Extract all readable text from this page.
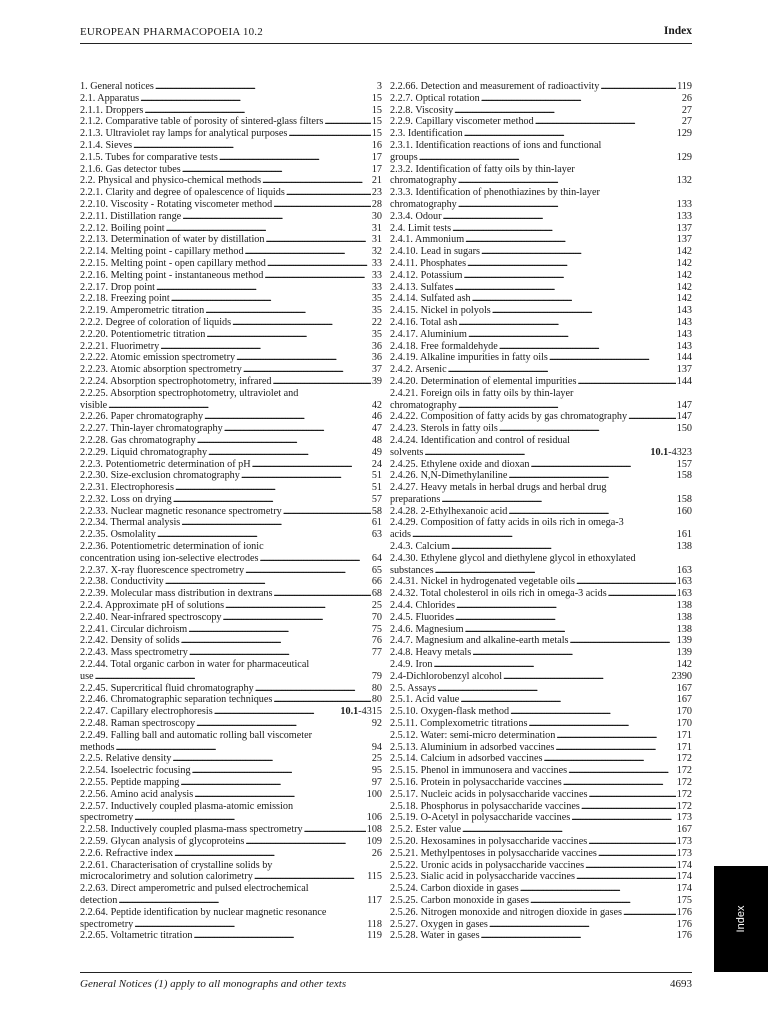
EUROPEAN PHARMACOPOEIA 10.2	Index
1. General notices . . .	3
2.1. Apparatus . . .	15
2.1.1. Droppers . . .	15
2.1.2. Comparative table of porosity of sintered-glass filters . . .	15
2.1.3. Ultraviolet ray lamps for analytical purposes . . .	15
2.1.4. Sieves . . .	16
2.1.5. Tubes for comparative tests . . .	17
2.1.6. Gas detector tubes . . .	17
2.2. Physical and physico-chemical methods . . .	21
2.2.1. Clarity and degree of opalescence of liquids . . .	23
2.2.10. Viscosity - Rotating viscometer method . . .	28
2.2.11. Distillation range . . .	30
2.2.12. Boiling point . . .	31
2.2.13. Determination of water by distillation . . .	31
2.2.14. Melting point - capillary method . . .	32
2.2.15. Melting point - open capillary method . . .	33
2.2.16. Melting point - instantaneous method . . .	33
2.2.17. Drop point . . .	33
2.2.18. Freezing point . . .	35
2.2.19. Amperometric titration . . .	35
2.2.2. Degree of coloration of liquids . . .	22
2.2.20. Potentiometric titration . . .	35
2.2.21. Fluorimetry . . .	36
2.2.22. Atomic emission spectrometry . . .	36
2.2.23. Atomic absorption spectrometry . . .	37
2.2.24. Absorption spectrophotometry, infrared . . .	39
2.2.25. Absorption spectrophotometry, ultraviolet and
visible . . .	42
2.2.26. Paper chromatography . . .	46
2.2.27. Thin-layer chromatography . . .	47
2.2.28. Gas chromatography . . .	48
2.2.29. Liquid chromatography . . .	49
2.2.3. Potentiometric determination of pH . . .	24
2.2.30. Size-exclusion chromatography . . .	51
2.2.31. Electrophoresis . . .	51
2.2.32. Loss on drying . . .	57
2.2.33. Nuclear magnetic resonance spectrometry . . .	58
2.2.34. Thermal analysis . . .	61
2.2.35. Osmolality . . .	63
2.2.36. Potentiometric determination of ionic
concentration using ion-selective electrodes . . .	64
2.2.37. X-ray fluorescence spectrometry . . .	65
2.2.38. Conductivity . . .	66
2.2.39. Molecular mass distribution in dextrans . . .	68
2.2.4. Approximate pH of solutions . . .	25
2.2.40. Near-infrared spectroscopy . . .	70
2.2.41. Circular dichroism . . .	75
2.2.42. Density of solids . . .	76
2.2.43. Mass spectrometry . . .	77
2.2.44. Total organic carbon in water for pharmaceutical
use . . .	79
2.2.45. Supercritical fluid chromatography . . .	80
2.2.46. Chromatographic separation techniques . . .	80
2.2.47. Capillary electrophoresis . . .	10.1-4315
2.2.48. Raman spectroscopy . . .	92
2.2.49. Falling ball and automatic rolling ball viscometer
methods . . .	94
2.2.5. Relative density . . .	25
2.2.54. Isoelectric focusing . . .	95
2.2.55. Peptide mapping . . .	97
2.2.56. Amino acid analysis . . .	100
2.2.57. Inductively coupled plasma-atomic emission
spectrometry . . .	106
2.2.58. Inductively coupled plasma-mass spectrometry . . .	108
2.2.59. Glycan analysis of glycoproteins . . .	109
2.2.6. Refractive index . . .	26
2.2.61. Characterisation of crystalline solids by
microcalorimetry and solution calorimetry . . .	115
2.2.63. Direct amperometric and pulsed electrochemical
detection . . .	117
2.2.64. Peptide identification by nuclear magnetic resonance
spectrometry . . .	118
2.2.65. Voltametric titration . . .	119
2.2.66. Detection and measurement of radioactivity . . .	119
2.2.7. Optical rotation . . .	26
2.2.8. Viscosity . . .	27
2.2.9. Capillary viscometer method . . .	27
2.3. Identification . . .	129
2.3.1. Identification reactions of ions and functional
groups . . .	129
2.3.2. Identification of fatty oils by thin-layer
chromatography . . .	132
2.3.3. Identification of phenothiazines by thin-layer
chromatography . . .	133
2.3.4. Odour . . .	133
2.4. Limit tests . . .	137
2.4.1. Ammonium . . .	137
2.4.10. Lead in sugars . . .	142
2.4.11. Phosphates . . .	142
2.4.12. Potassium . . .	142
2.4.13. Sulfates . . .	142
2.4.14. Sulfated ash . . .	142
2.4.15. Nickel in polyols . . .	143
2.4.16. Total ash . . .	143
2.4.17. Aluminium . . .	143
2.4.18. Free formaldehyde . . .	143
2.4.19. Alkaline impurities in fatty oils . . .	144
2.4.2. Arsenic . . .	137
2.4.20. Determination of elemental impurities . . .	144
2.4.21. Foreign oils in fatty oils by thin-layer
chromatography . . .	147
2.4.22. Composition of fatty acids by gas chromatography . . .	147
2.4.23. Sterols in fatty oils . . .	150
2.4.24. Identification and control of residual
solvents . . .	10.1-4323
2.4.25. Ethylene oxide and dioxan . . .	157
2.4.26. N,N-Dimethylaniline . . .	158
2.4.27. Heavy metals in herbal drugs and herbal drug
preparations . . .	158
2.4.28. 2-Ethylhexanoic acid . . .	160
2.4.29. Composition of fatty acids in oils rich in omega-3
acids . . .	161
2.4.3. Calcium . . .	138
2.4.30. Ethylene glycol and diethylene glycol in ethoxylated
substances . . .	163
2.4.31. Nickel in hydrogenated vegetable oils . . .	163
2.4.32. Total cholesterol in oils rich in omega-3 acids . . .	163
2.4.4. Chlorides . . .	138
2.4.5. Fluorides . . .	138
2.4.6. Magnesium . . .	138
2.4.7. Magnesium and alkaline-earth metals . . .	139
2.4.8. Heavy metals . . .	139
2.4.9. Iron . . .	142
2.4-Dichlorobenzyl alcohol . . .	2390
2.5. Assays . . .	167
2.5.1. Acid value . . .	167
2.5.10. Oxygen-flask method . . .	170
2.5.11. Complexometric titrations . . .	170
2.5.12. Water: semi-micro determination . . .	171
2.5.13. Aluminium in adsorbed vaccines . . .	171
2.5.14. Calcium in adsorbed vaccines . . .	172
2.5.15. Phenol in immunosera and vaccines . . .	172
2.5.16. Protein in polysaccharide vaccines . . .	172
2.5.17. Nucleic acids in polysaccharide vaccines . . .	172
2.5.18. Phosphorus in polysaccharide vaccines . . .	172
2.5.19. O-Acetyl in polysaccharide vaccines . . .	173
2.5.2. Ester value . . .	167
2.5.20. Hexosamines in polysaccharide vaccines . . .	173
2.5.21. Methylpentoses in polysaccharide vaccines . . .	173
2.5.22. Uronic acids in polysaccharide vaccines . . .	174
2.5.23. Sialic acid in polysaccharide vaccines . . .	174
2.5.24. Carbon dioxide in gases . . .	174
2.5.25. Carbon monoxide in gases . . .	175
2.5.26. Nitrogen monoxide and nitrogen dioxide in gases . . .	176
2.5.27. Oxygen in gases . . .	176
2.5.28. Water in gases . . .	176
Index
General Notices (1) apply to all monographs and other texts	4693
